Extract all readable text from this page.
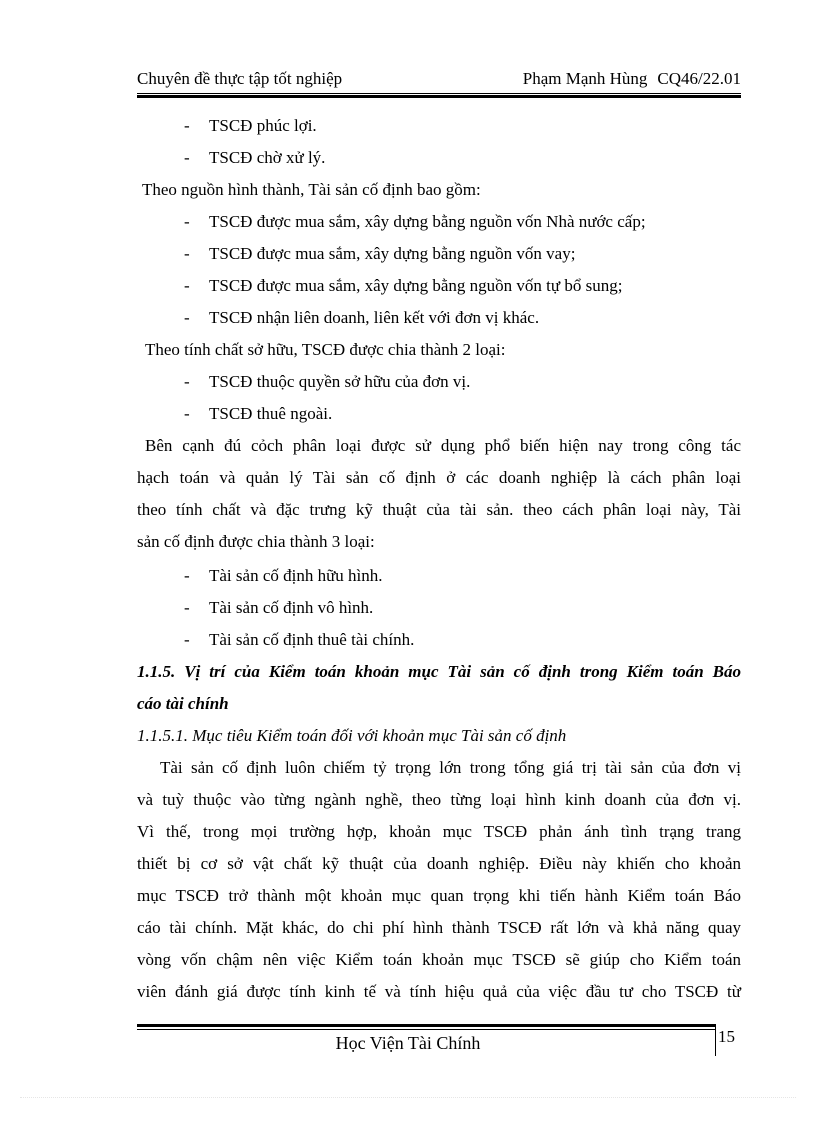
Chuyên đề thực tập tốt nghiệp	Phạm Mạnh Hùng CQ46/22.01
- TSCĐ phúc lợi.
- TSCĐ chờ xử lý.
Theo nguồn hình thành, Tài sản cố định bao gồm:
- TSCĐ được mua sắm, xây dựng bằng nguồn vốn Nhà nước cấp;
- TSCĐ được mua sắm, xây dựng bằng nguồn vốn vay;
- TSCĐ được mua sắm, xây dựng bằng nguồn vốn tự bổ sung;
- TSCĐ nhận liên doanh, liên kết với đơn vị khác.
Theo tính chất sở hữu, TSCĐ được chia thành 2 loại:
- TSCĐ thuộc quyền sở hữu của đơn vị.
- TSCĐ thuê ngoài.
Bên cạnh đú cỏch phân loại được sử dụng phổ biến hiện nay trong công tác
hạch toán và quản lý Tài sản cố định ở các doanh nghiệp là cách phân loại
theo tính chất và đặc trưng kỹ thuật của tài sản. theo cách phân loại này, Tài
sản cố định được chia thành 3 loại:
- Tài sản cố định hữu hình.
- Tài sản cố định vô hình.
- Tài sản cố định thuê tài chính.
1.1.5. Vị trí của Kiểm toán khoản mục Tài sản cố định trong Kiểm toán Báo
cáo tài chính
1.1.5.1. Mục tiêu Kiểm toán đối với khoản mục Tài sản cố định
Tài sản cố định luôn chiếm tỷ trọng lớn trong tổng giá trị tài sản của đơn vị
và tuỳ thuộc vào từng ngành nghề, theo từng loại hình kinh doanh của đơn vị.
Vì thế, trong mọi trường hợp, khoản mục TSCĐ phản ánh tình trạng trang
thiết bị cơ sở vật chất kỹ thuật của doanh nghiệp. Điều này khiến cho khoản
mục TSCĐ trở thành một khoản mục quan trọng khi tiến hành Kiểm toán Báo
cáo tài chính. Mặt khác, do chi phí hình thành TSCĐ rất lớn và khả năng quay
vòng vốn chậm nên việc Kiểm toán khoản mục TSCĐ sẽ giúp cho Kiểm toán
viên đánh giá được tính kinh tế và tính hiệu quả của việc đầu tư cho TSCĐ từ
Học Viện Tài Chính	15
